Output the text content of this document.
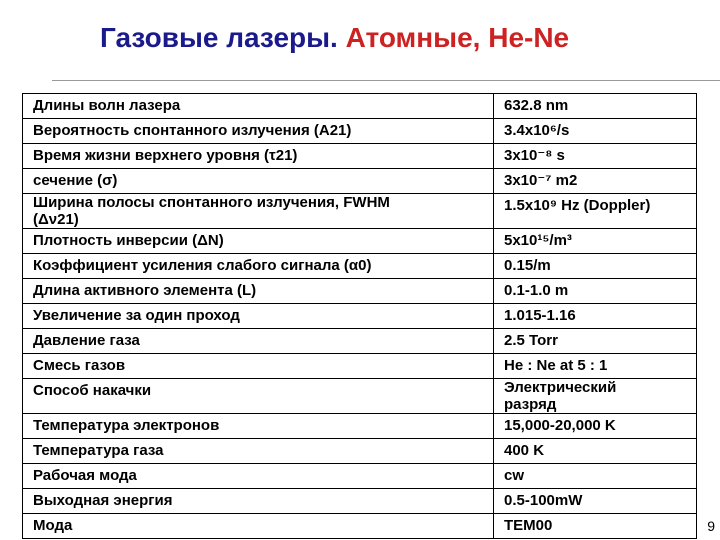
Газовые лазеры. Атомные, He-Ne
Длины волн лазера	632.8 nm

Вероятность спонтанного излучения (A21)	3.4x10⁶/s

Время жизни верхнего уровня (τ21)	3x10⁻⁸ s

сечение (σ)	3x10⁻⁷ m2

Ширина полосы спонтанного излучения, FWHM
(Δν21)	1.5x10⁹ Hz (Doppler)

Плотность инверсии (ΔN)	5x10¹⁵/m³

Коэффициент усиления слабого сигнала (α0)	0.15/m

Длина активного элемента (L)	0.1-1.0 m

Увеличение за один проход	1.015-1.16

Давление газа	2.5 Torr

Смесь газов	He : Ne at 5 : 1

Способ накачки	Электрический
разряд

Температура электронов	15,000-20,000 K

Температура газа	400 K

Рабочая мода	cw

Выходная энергия	0.5-100mW

Мода	TEM00	9
